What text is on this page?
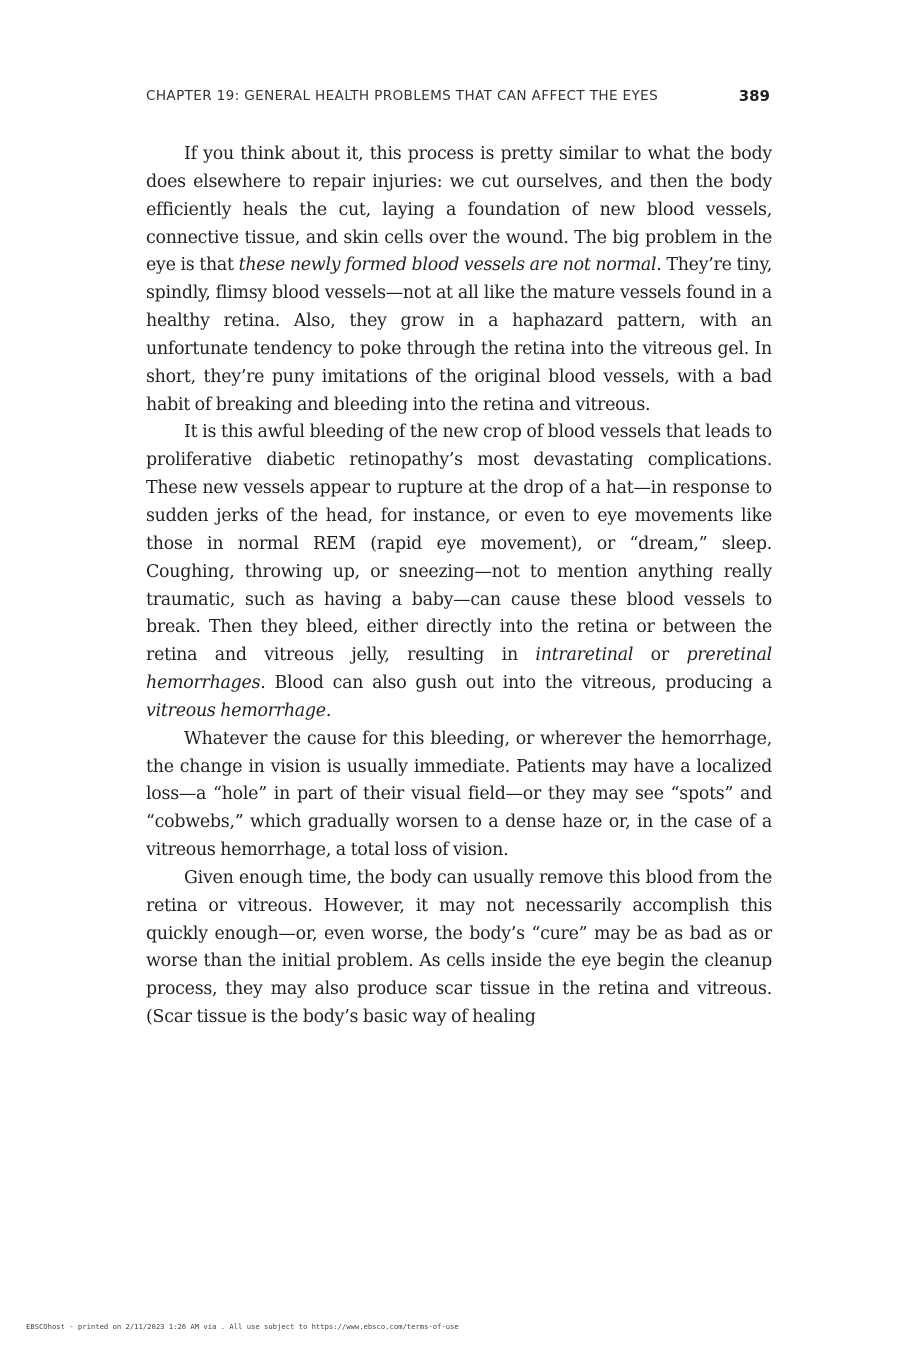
CHAPTER 19: GENERAL HEALTH PROBLEMS THAT CAN AFFECT THE EYES	389

If you think about it, this process is pretty similar to what the body does elsewhere to repair injuries: we cut ourselves, and then the body efficiently heals the cut, laying a foundation of new blood vessels, connective tissue, and skin cells over the wound. The big problem in the eye is that these newly formed blood vessels are not normal. They’re tiny, spindly, flimsy blood vessels—not at all like the mature vessels found in a healthy retina. Also, they grow in a haphazard pattern, with an unfortunate tendency to poke through the retina into the vitreous gel. In short, they’re puny imitations of the original blood vessels, with a bad habit of breaking and bleeding into the retina and vitreous.

It is this awful bleeding of the new crop of blood vessels that leads to proliferative diabetic retinopathy’s most devastating complications. These new vessels appear to rupture at the drop of a hat—in response to sudden jerks of the head, for instance, or even to eye movements like those in normal REM (rapid eye movement), or “dream,” sleep. Coughing, throwing up, or sneezing—not to mention anything really traumatic, such as having a baby—can cause these blood vessels to break. Then they bleed, either directly into the retina or between the retina and vitreous jelly, resulting in intraretinal or preretinal hemorrhages. Blood can also gush out into the vitreous, producing a vitreous hemorrhage.

Whatever the cause for this bleeding, or wherever the hemorrhage, the change in vision is usually immediate. Patients may have a localized loss—a “hole” in part of their visual field—or they may see “spots” and “cobwebs,” which gradually worsen to a dense haze or, in the case of a vitreous hemorrhage, a total loss of vision.

Given enough time, the body can usually remove this blood from the retina or vitreous. However, it may not necessarily accomplish this quickly enough—or, even worse, the body’s “cure” may be as bad as or worse than the initial problem. As cells inside the eye begin the cleanup process, they may also produce scar tissue in the retina and vitreous. (Scar tissue is the body’s basic way of healing

EBSCOhost - printed on 2/11/2023 1:26 AM via . All use subject to https://www.ebsco.com/terms-of-use
